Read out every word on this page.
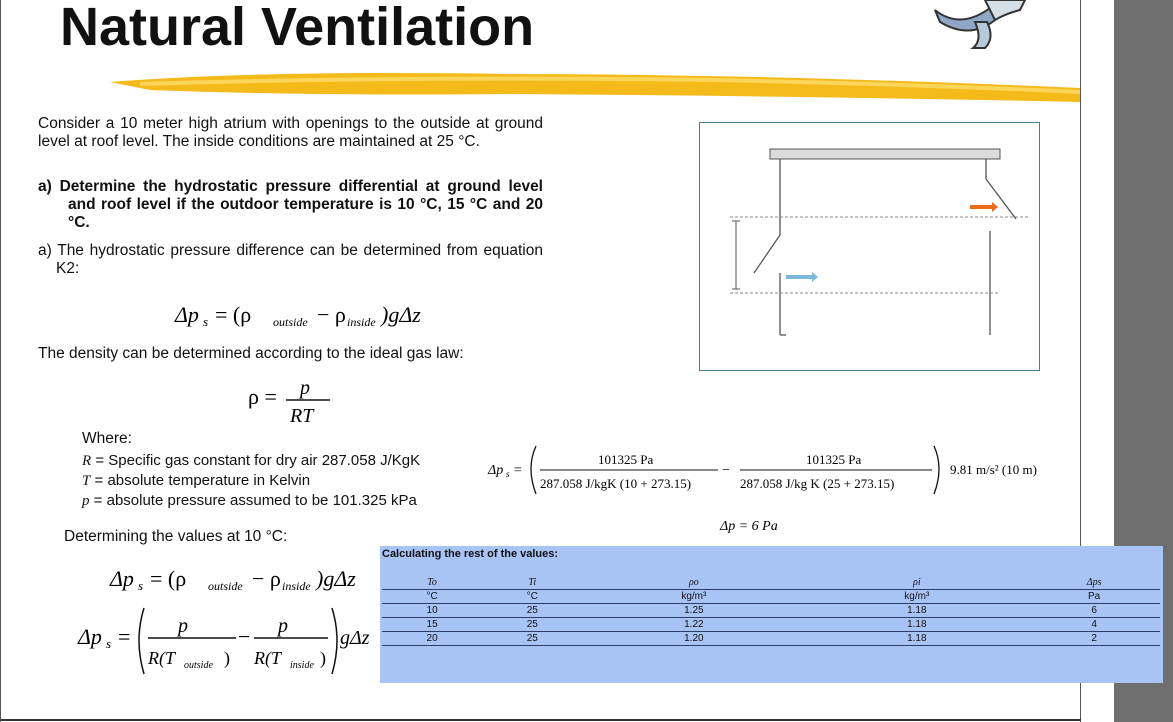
Natural Ventilation
Consider a 10 meter high atrium with openings to the outside at ground level at roof level. The inside conditions are maintained at 25 °C.
a) Determine the hydrostatic pressure differential at ground level and roof level if the outdoor temperature is 10 °C, 15 °C and 20 °C.
a) The hydrostatic pressure difference can be determined from equation K2:
Δp s = (ρ outside − ρ inside )gΔz
The density can be determined according to the ideal gas law:
ρ = p
RT
Where:
R = Specific gas constant for dry air 287.058 J/KgK
T = absolute temperature in Kelvin
p = absolute pressure assumed to be 101.325 kPa
Determining the values at 10 °C:
Δp s = (ρ outside − ρ inside )gΔz
Δp s = p
R(T outside )
− p
R(T inside )
gΔz
Δp s =
101325 Pa
287.058 J/kgK (10 + 273.15)
−
101325 Pa
287.058 J/kg K (25 + 273.15)
9.81 m/s² (10 m)
Δp = 6 Pa
Calculating the rest of the values:
To	Ti	ρo	ρi	Δps
°C	°C	kg/m³	kg/m³	Pa
10	25	1.25	1.18	6
15	25	1.22	1.18	4
20	25	1.20	1.18	2
